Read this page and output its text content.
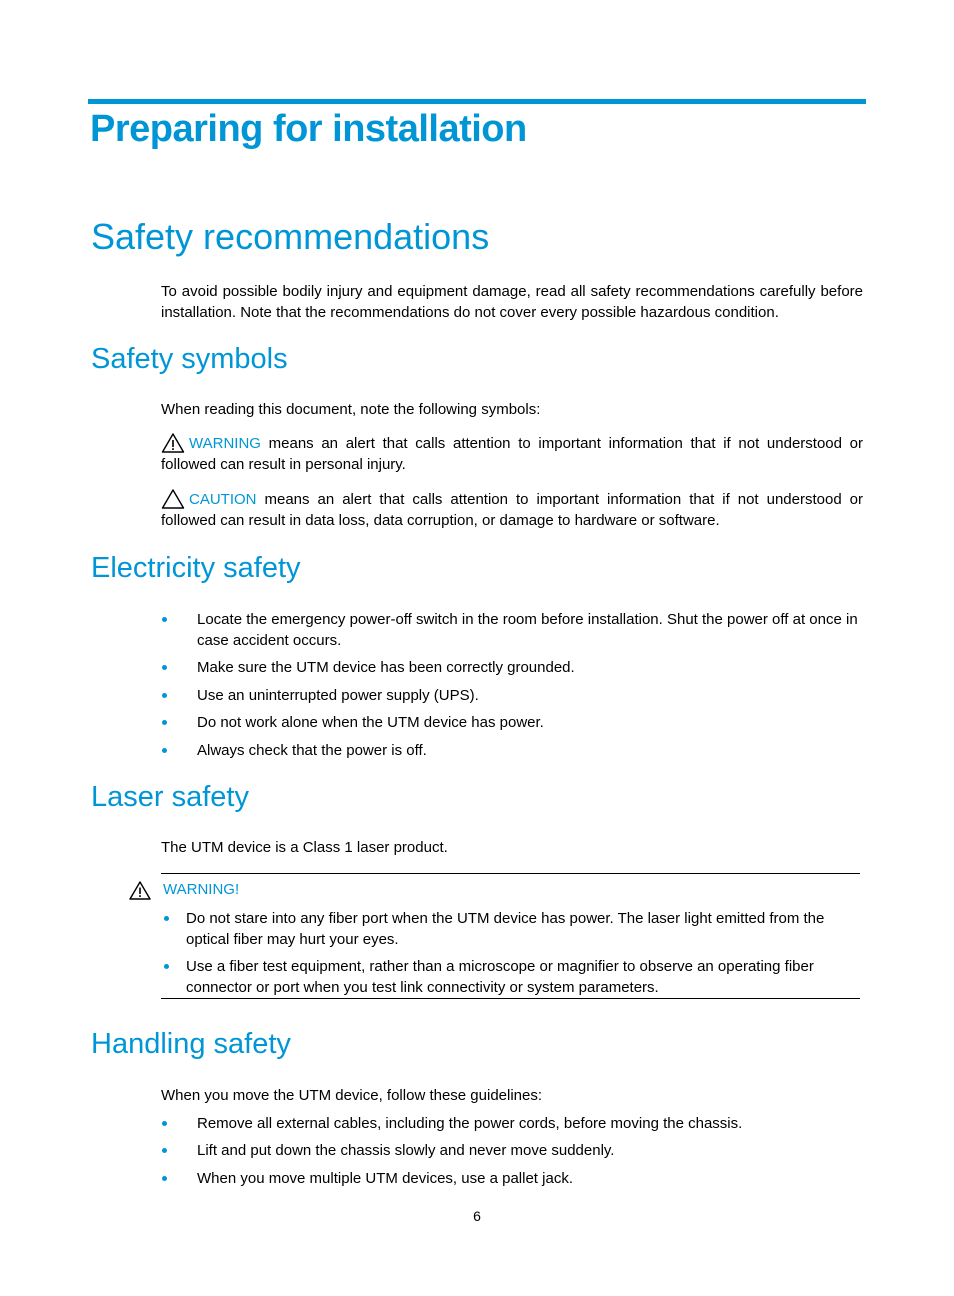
Preparing for installation
Safety recommendations
To avoid possible bodily injury and equipment damage, read all safety recommendations carefully before installation. Note that the recommendations do not cover every possible hazardous condition.
Safety symbols
When reading this document, note the following symbols:
WARNING means an alert that calls attention to important information that if not understood or followed can result in personal injury.
CAUTION means an alert that calls attention to important information that if not understood or followed can result in data loss, data corruption, or damage to hardware or software.
Electricity safety
Locate the emergency power-off switch in the room before installation. Shut the power off at once in case accident occurs.
Make sure the UTM device has been correctly grounded.
Use an uninterrupted power supply (UPS).
Do not work alone when the UTM device has power.
Always check that the power is off.
Laser safety
The UTM device is a Class 1 laser product.
WARNING!
Do not stare into any fiber port when the UTM device has power. The laser light emitted from the optical fiber may hurt your eyes.
Use a fiber test equipment, rather than a microscope or magnifier to observe an operating fiber connector or port when you test link connectivity or system parameters.
Handling safety
When you move the UTM device, follow these guidelines:
Remove all external cables, including the power cords, before moving the chassis.
Lift and put down the chassis slowly and never move suddenly.
When you move multiple UTM devices, use a pallet jack.
6
